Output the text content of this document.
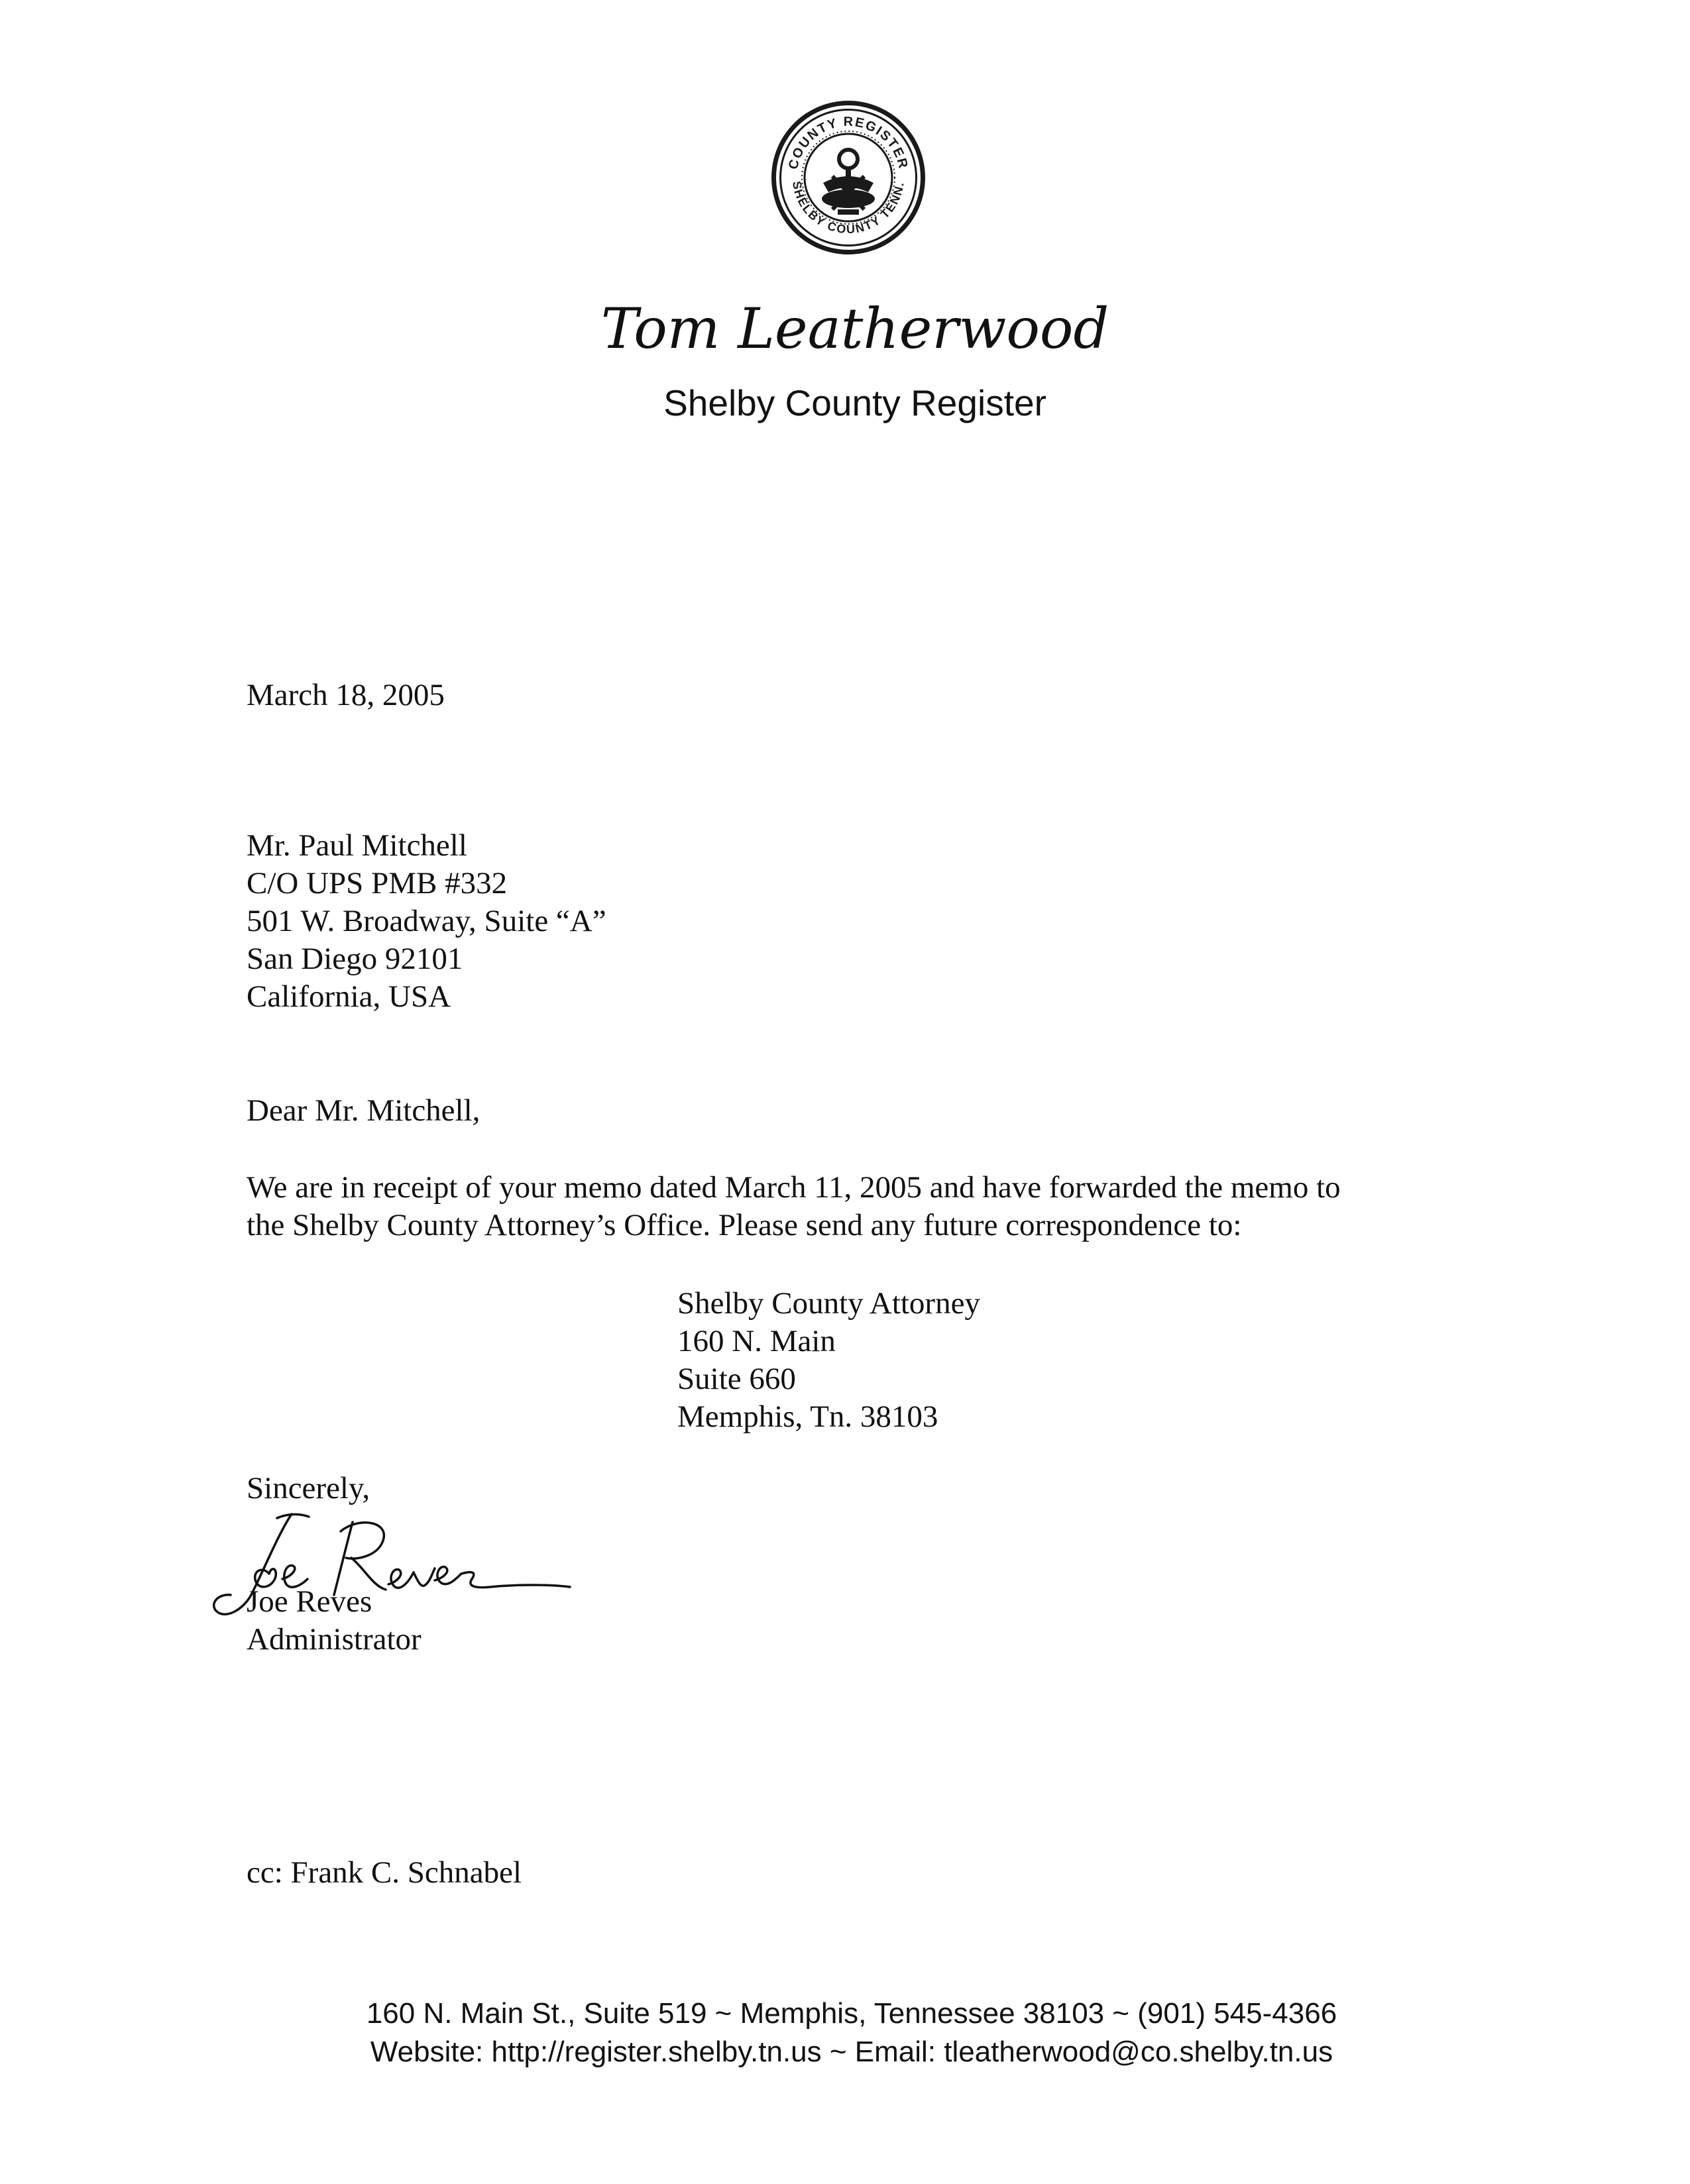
COUNTY REGISTER
SHELBY COUNTY TENN.
Tom Leatherwood
Shelby County Register
March 18, 2005
Mr. Paul Mitchell
C/O UPS PMB #332
501 W. Broadway, Suite “A”
San Diego 92101
California, USA
Dear Mr. Mitchell,
We are in receipt of your memo dated March 11, 2005 and have forwarded the memo to
the Shelby County Attorney’s Office. Please send any future correspondence to:
Shelby County Attorney
160 N. Main
Suite 660
Memphis, Tn. 38103
Sincerely,
Joe Reves
Administrator
cc: Frank C. Schnabel
160 N. Main St., Suite 519 ~ Memphis, Tennessee 38103 ~ (901) 545-4366
Website: http://register.shelby.tn.us ~ Email: tleatherwood@co.shelby.tn.us
